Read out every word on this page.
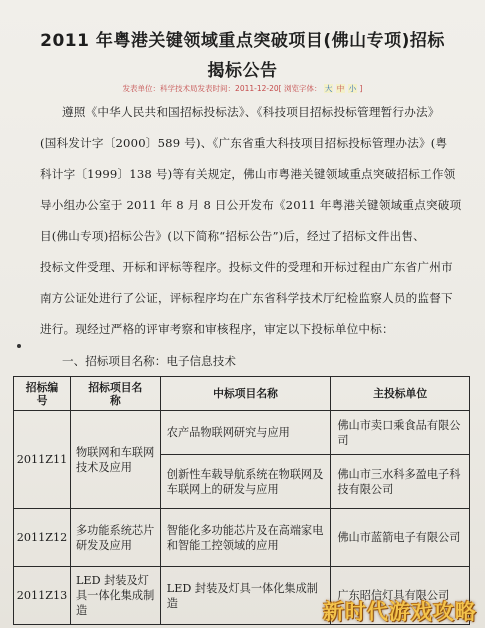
2011 年粤港关键领域重点突破项目(佛山专项)招标
揭标公告
发表单位：科学技术局发表时间：2011-12-20[ 浏览字体： 大 中 小 ]
遵照《中华人民共和国招标投标法》、《科技项目招标投标管理暂行办法》
(国科发计字〔2000〕589 号)、《广东省重大科技项目招标投标管理办法》(粤
科计字〔1999〕138 号)等有关规定，佛山市粤港关键领域重点突破招标工作领
导小组办公室于 2011 年 8 月 8 日公开发布《2011 年粤港关键领域重点突破项
目(佛山专项)招标公告》(以下简称“招标公告”)后，经过了招标文件出售、
投标文件受理、开标和评标等程序。投标文件的受理和开标过程由广东省广州市
南方公证处进行了公证，评标程序均在广东省科学技术厅纪检监察人员的监督下
进行。现经过严格的评审考察和审核程序，审定以下投标单位中标：
一、招标项目名称：电子信息技术
招标编
号	招标项目名
称	中标项目名称	主投标单位
2011Z11	物联网和车联网技术及应用	农产品物联网研究与应用	佛山市卖口乘食品有限公司
		创新性车载导航系统在物联网及车联网上的研发与应用	佛山市三水科多盈电子科技有限公司
2011Z12	多功能系统芯片研发及应用	智能化多功能芯片及在高端家电和智能工控领域的应用	佛山市蓝箭电子有限公司
2011Z13	LED 封装及灯具一体化集成制造	LED 封装及灯具一体化集成制造	广东昭信灯具有限公司
新时代游戏攻略
